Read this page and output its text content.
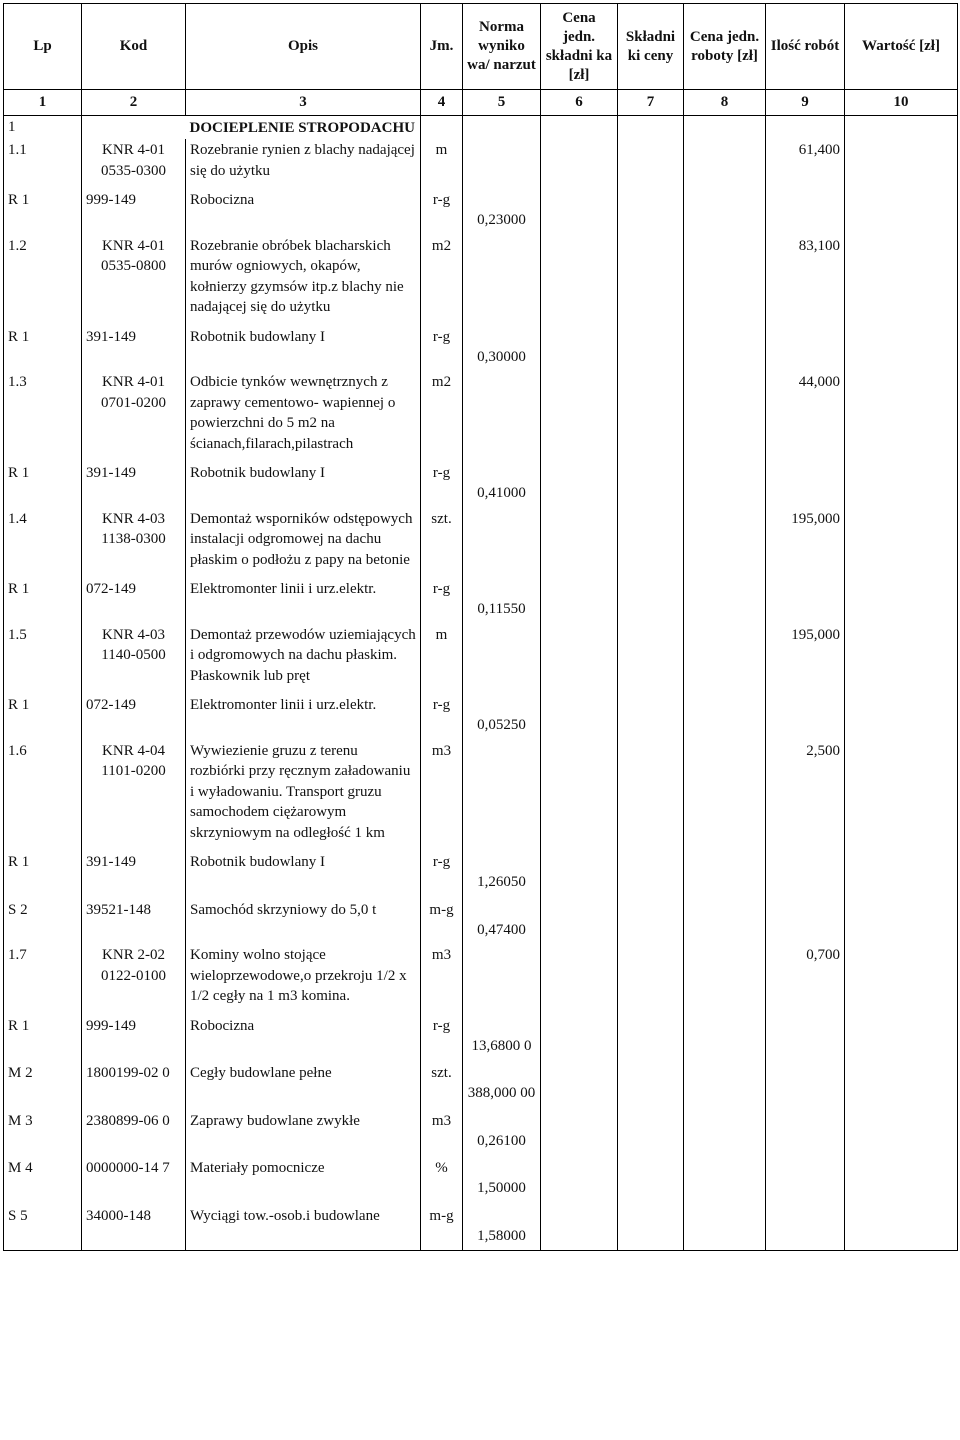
Lp	Kod	Opis	Jm.	Norma wyniko wa/ narzut	Cena jedn. składni ka [zł]	Składni ki ceny	Cena jedn. roboty [zł]	Ilość robót	Wartość [zł]
1	2	3	4	5	6	7	8	9	10
1		DOCIEPLENIE STROPODACHU							
1.1	KNR 4-01 0535-0300	Rozebranie rynien z blachy nadającej się do użytku	m					61,400	
R 1	999-149	Robocizna	r-g	0,23000					
1.2	KNR 4-01 0535-0800	Rozebranie obróbek blacharskich murów ogniowych, okapów, kołnierzy gzymsów itp.z blachy nie nadającej się do użytku	m2					83,100	
R 1	391-149	Robotnik budowlany I	r-g	0,30000					
1.3	KNR 4-01 0701-0200	Odbicie tynków wewnętrznych z zaprawy cementowo- wapiennej o powierzchni do 5 m2 na ścianach,filarach,pilastrach	m2					44,000	
R 1	391-149	Robotnik budowlany I	r-g	0,41000					
1.4	KNR 4-03 1138-0300	Demontaż wsporników odstępowych instalacji odgromowej na dachu płaskim o podłożu z papy na betonie	szt.					195,000	
R 1	072-149	Elektromonter linii i urz.elektr.	r-g	0,11550					
1.5	KNR 4-03 1140-0500	Demontaż przewodów uziemiających i odgromowych na dachu płaskim. Płaskownik lub pręt	m					195,000	
R 1	072-149	Elektromonter linii i urz.elektr.	r-g	0,05250					
1.6	KNR 4-04 1101-0200	Wywiezienie gruzu z terenu rozbiórki przy ręcznym załadowaniu i wyładowaniu. Transport gruzu samochodem ciężarowym skrzyniowym na odległość 1 km	m3					2,500	
R 1	391-149	Robotnik budowlany I	r-g	1,26050					
S 2	39521-148	Samochód skrzyniowy do 5,0 t	m-g	0,47400					
1.7	KNR 2-02 0122-0100	Kominy wolno stojące wieloprzewodowe,o przekroju 1/2 x 1/2 cegły na 1 m3 komina.	m3					0,700	
R 1	999-149	Robocizna	r-g	13,6800 0					
M 2	1800199-02 0	Cegły budowlane pełne	szt.	388,000 00					
M 3	2380899-06 0	Zaprawy budowlane zwykłe	m3	0,26100					
M 4	0000000-14 7	Materiały pomocnicze	%	1,50000					
S 5	34000-148	Wyciągi tow.-osob.i budowlane	m-g	1,58000					
